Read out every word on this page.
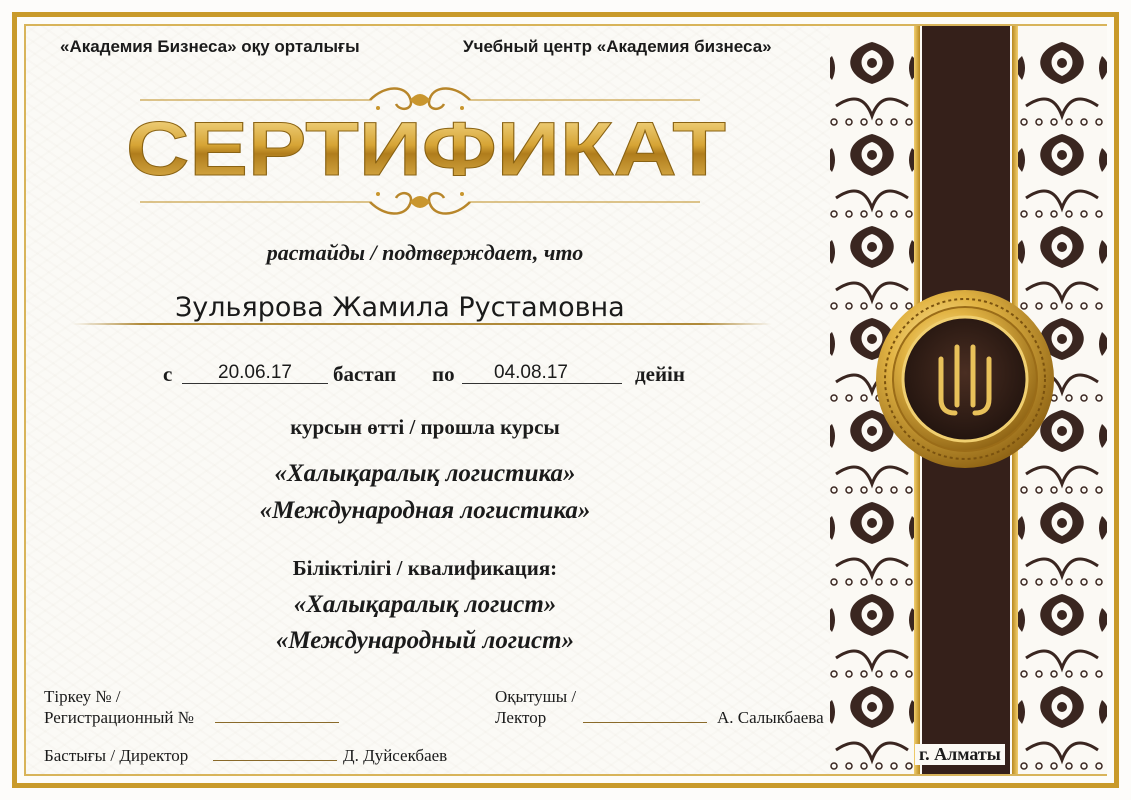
«Академия Бизнеса» оқу орталығы	Учебный центр «Академия бизнеса»
СЕРТИФИКАТ
растайды / подтверждает, что
Зульярова Жамила Рустамовна
с 20.06.17 бастап по 04.08.17	дейін
курсын өтті / прошла курсы
«Халықаралық логистика»
«Международная логистика»
Біліктілігі / квалификация:
«Халықаралық логист»
«Международный логист»
Тіркеу № /
Регистрационный №
Бастығы / Директор	Д. Дуйсекбаев
Оқытушы /
Лектор	А. Салыкбаева
г. Алматы
